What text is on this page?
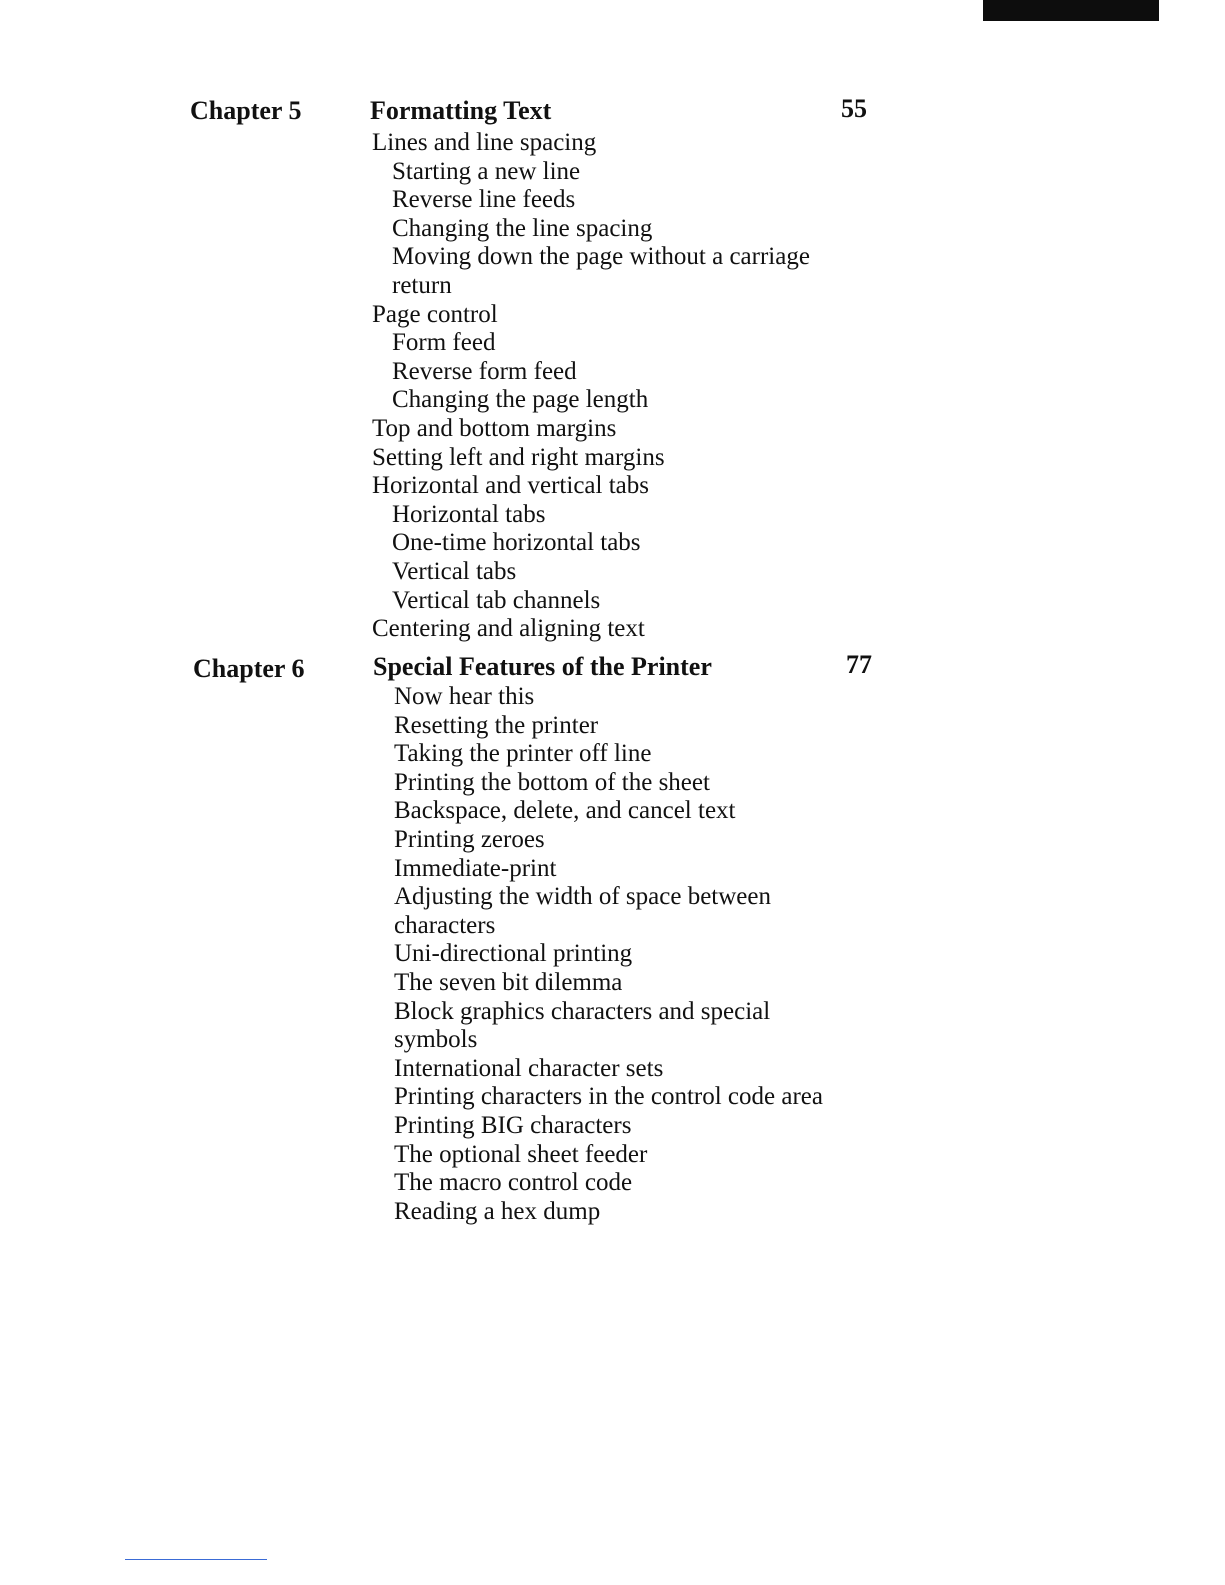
Chapter 5	Formatting Text	55
Lines and line spacing
Starting a new line
Reverse line feeds
Changing the line spacing
Moving down the page without a carriage
return
Page control
Form feed
Reverse form feed
Changing the page length
Top and bottom margins
Setting left and right margins
Horizontal and vertical tabs
Horizontal tabs
One-time horizontal tabs
Vertical tabs
Vertical tab channels
Centering and aligning text
Chapter 6	Special Features of the Printer	77
Now hear this
Resetting the printer
Taking the printer off line
Printing the bottom of the sheet
Backspace, delete, and cancel text
Printing zeroes
Immediate-print
Adjusting the width of space between
characters
Uni-directional printing
The seven bit dilemma
Block graphics characters and special
symbols
International character sets
Printing characters in the control code area
Printing BIG characters
The optional sheet feeder
The macro control code
Reading a hex dump
